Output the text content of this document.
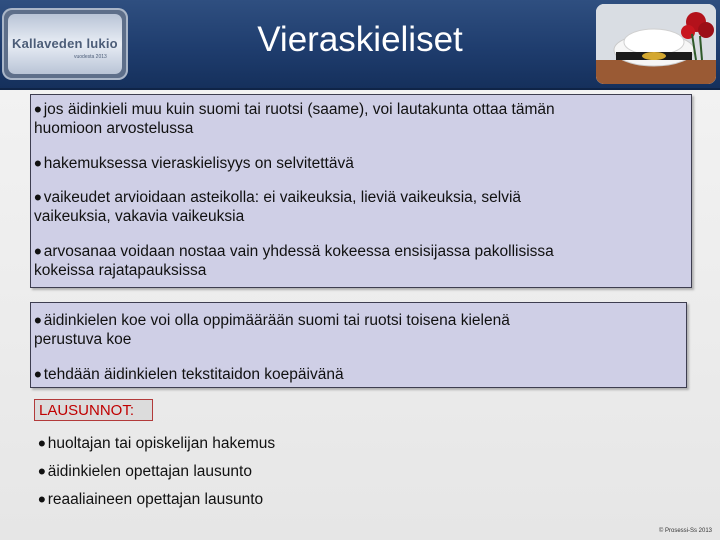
Kallaveden lukio
vuodesta 2013	Vieraskieliset
• jos äidinkieli muu kuin suomi tai ruotsi (saame), voi lautakunta ottaa tämän
huomioon arvostelussa
• hakemuksessa vieraskielisyys on selvitettävä
• vaikeudet arvioidaan asteikolla: ei vaikeuksia, lieviä vaikeuksia, selviä
vaikeuksia, vakavia vaikeuksia
• arvosanaa voidaan nostaa vain yhdessä kokeessa ensisijassa pakollisissa
kokeissa rajatapauksissa
• äidinkielen koe voi olla oppimäärään suomi tai ruotsi toisena kielenä
perustuva koe
• tehdään äidinkielen tekstitaidon koepäivänä
LAUSUNNOT:
• huoltajan tai opiskelijan hakemus
• äidinkielen opettajan lausunto
• reaaliaineen opettajan lausunto
© Prosessi-Ss 2013
